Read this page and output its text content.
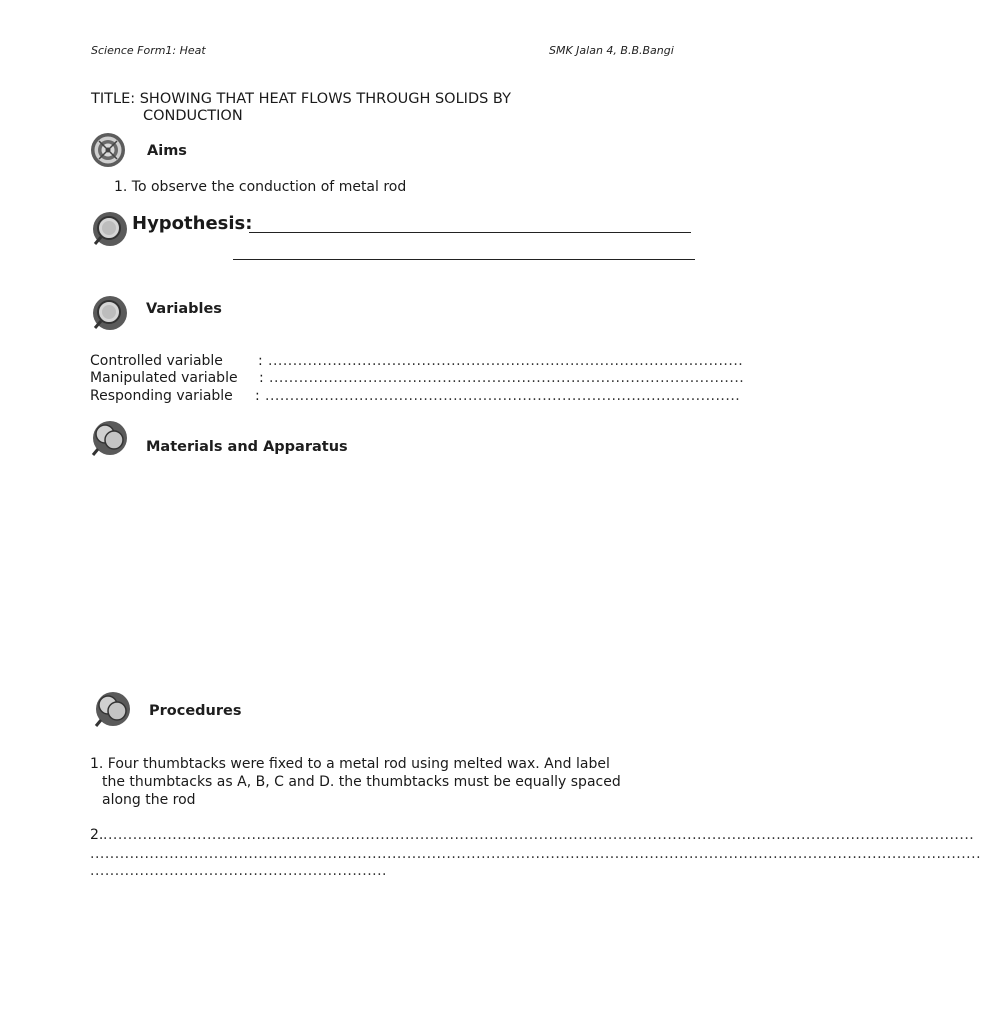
Science Form1: Heat	SMK Jalan 4, B.B.Bangi
TITLE: SHOWING THAT HEAT FLOWS THROUGH SOLIDS BY
CONDUCTION
Aims
1. To observe the conduction of metal rod
Hypothesis:
Variables
Controlled variable	: ................................................................................................
Manipulated variable : ................................................................................................
Responding variable : ................................................................................................
Materials and Apparatus
Procedures
1. Four thumbtacks were fixed to a metal rod using melted wax. And label
the thumbtacks as A, B, C and D. the thumbtacks must be equally spaced
along the rod
2. ................................................................................................................................................................................
....................................................................................................................................................................................
............................................................
